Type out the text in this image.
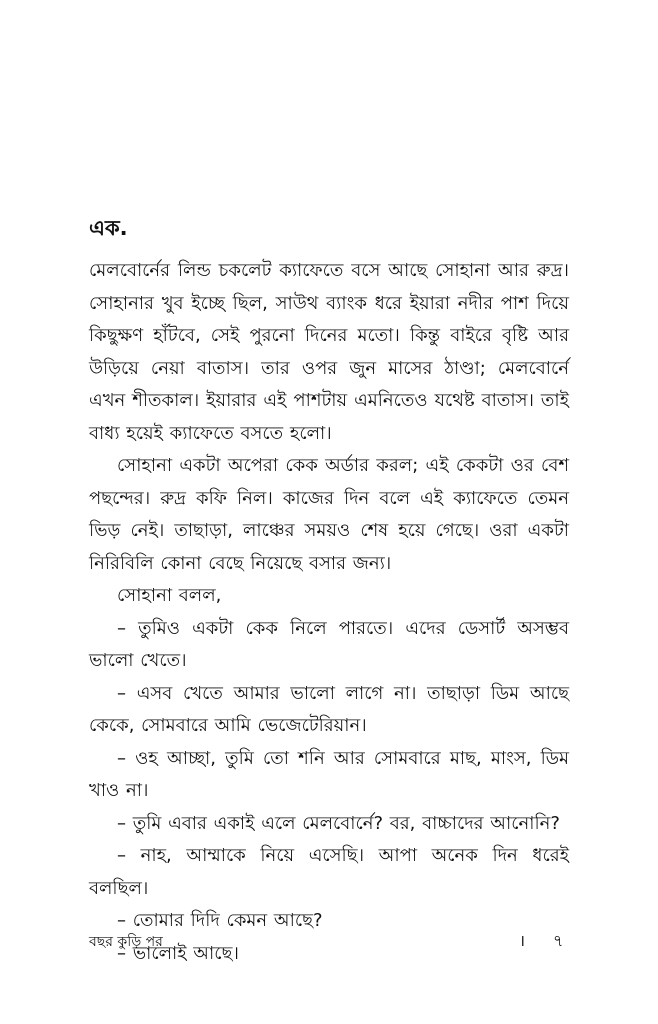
এক.

মেলবোর্নের লিন্ড চকলেট ক্যাফেতে বসে আছে সোহানা আর রুদ্র। সোহানার খুব ইচ্ছে ছিল, সাউথ ব্যাংক ধরে ইয়ারা নদীর পাশ দিয়ে কিছুক্ষণ হাঁটবে, সেই পুরনো দিনের মতো। কিন্তু বাইরে বৃষ্টি আর উড়িয়ে নেয়া বাতাস। তার ওপর জুন মাসের ঠাণ্ডা; মেলবোর্নে এখন শীতকাল। ইয়ারার এই পাশটায় এমনিতেও যথেষ্ট বাতাস। তাই বাধ্য হয়েই ক্যাফেতে বসতে হলো।

সোহানা একটা অপেরা কেক অর্ডার করল; এই কেকটা ওর বেশ পছন্দের। রুদ্র কফি নিল। কাজের দিন বলে এই ক্যাফেতে তেমন ভিড় নেই। তাছাড়া, লাঞ্চের সময়ও শেষ হয়ে গেছে। ওরা একটা নিরিবিলি কোনা বেছে নিয়েছে বসার জন্য।

সোহানা বলল,

– তুমিও একটা কেক নিলে পারতে। এদের ডেসার্ট অসম্ভব ভালো খেতে।

– এসব খেতে আমার ভালো লাগে না। তাছাড়া ডিম আছে কেকে, সোমবারে আমি ভেজেটেরিয়ান।

– ওহ আচ্ছা, তুমি তো শনি আর সোমবারে মাছ, মাংস, ডিম খাও না।

– তুমি এবার একাই এলে মেলবোর্নে? বর, বাচ্চাদের আনোনি?

– নাহ, আম্মাকে নিয়ে এসেছি। আপা অনেক দিন ধরেই বলছিল।

– তোমার দিদি কেমন আছে?

– ভালোই আছে।

বছর কুড়ি পর	। ৭
